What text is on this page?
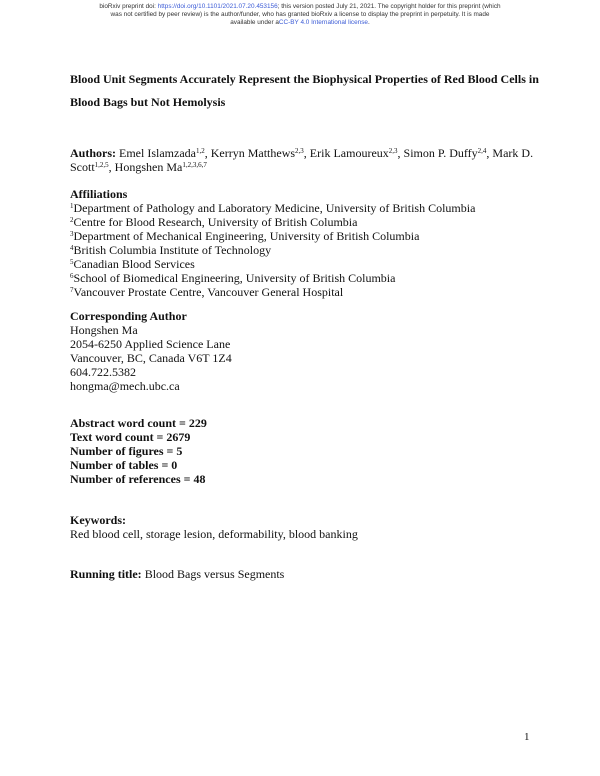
bioRxiv preprint doi: https://doi.org/10.1101/2021.07.20.453156; this version posted July 21, 2021. The copyright holder for this preprint (which
was not certified by peer review) is the author/funder, who has granted bioRxiv a license to display the preprint in perpetuity. It is made
available under aCC-BY 4.0 International license.
Blood Unit Segments Accurately Represent the Biophysical Properties of Red Blood Cells in Blood Bags but Not Hemolysis
Authors: Emel Islamzada$^{1,2}$, Kerryn Matthews$^{2,3}$, Erik Lamoureux$^{2,3}$, Simon P. Duffy$^{2,4}$, Mark D. Scott$^{1,2,5}$, Hongshen Ma$^{1,2,3,6,7}$
Affiliations
$^1$Department of Pathology and Laboratory Medicine, University of British Columbia
$^2$Centre for Blood Research, University of British Columbia
$^3$Department of Mechanical Engineering, University of British Columbia
$^4$British Columbia Institute of Technology
$^5$Canadian Blood Services
$^6$School of Biomedical Engineering, University of British Columbia
$^7$Vancouver Prostate Centre, Vancouver General Hospital
Corresponding Author
Hongshen Ma
2054-6250 Applied Science Lane
Vancouver, BC, Canada V6T 1Z4
604.722.5382
hongma@mech.ubc.ca
Abstract word count = 229
Text word count = 2679
Number of figures = 5
Number of tables = 0
Number of references = 48
Keywords:
Red blood cell, storage lesion, deformability, blood banking
Running title: Blood Bags versus Segments
1
